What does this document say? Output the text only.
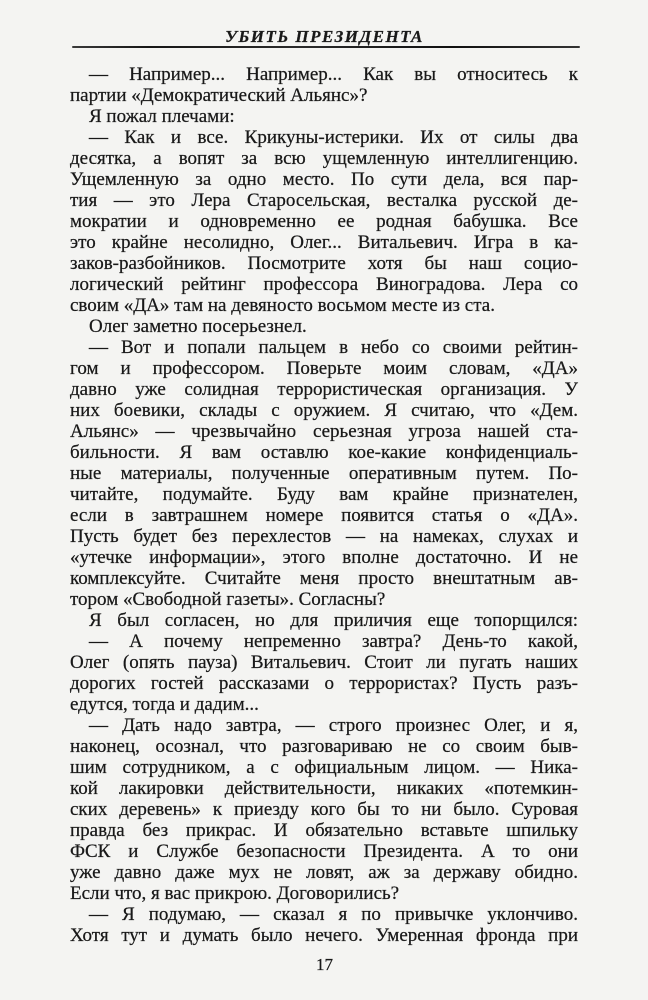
УБИТЬ ПРЕЗИДЕНТА
— Например... Например... Как вы относитесь к
партии «Демократический Альянс»?
Я пожал плечами:
— Как и все. Крикуны-истерики. Их от силы два
десятка, а вопят за всю ущемленную интеллигенцию.
Ущемленную за одно место. По сути дела, вся пар-
тия — это Лера Старосельская, весталка русской де-
мократии и одновременно ее родная бабушка. Все
это крайне несолидно, Олег... Витальевич. Игра в ка-
заков-разбойников. Посмотрите хотя бы наш социо-
логический рейтинг профессора Виноградова. Лера со
своим «ДА» там на девяносто восьмом месте из ста.
Олег заметно посерьезнел.
— Вот и попали пальцем в небо со своими рейтин-
гом и профессором. Поверьте моим словам, «ДА»
давно уже солидная террористическая организация. У
них боевики, склады с оружием. Я считаю, что «Дем.
Альянс» — чрезвычайно серьезная угроза нашей ста-
бильности. Я вам оставлю кое-какие конфиденциаль-
ные материалы, полученные оперативным путем. По-
читайте, подумайте. Буду вам крайне признателен,
если в завтрашнем номере появится статья о «ДА».
Пусть будет без перехлестов — на намеках, слухах и
«утечке информации», этого вполне достаточно. И не
комплексуйте. Считайте меня просто внештатным ав-
тором «Свободной газеты». Согласны?
Я был согласен, но для приличия еще топорщился:
— А почему непременно завтра? День-то какой,
Олег (опять пауза) Витальевич. Стоит ли пугать наших
дорогих гостей рассказами о террористах? Пусть разъ-
едутся, тогда и дадим...
— Дать надо завтра, — строго произнес Олег, и я,
наконец, осознал, что разговариваю не со своим быв-
шим сотрудником, а с официальным лицом. — Ника-
кой лакировки действительности, никаких «потемкин-
ских деревень» к приезду кого бы то ни было. Суровая
правда без прикрас. И обязательно вставьте шпильку
ФСК и Службе безопасности Президента. А то они
уже давно даже мух не ловят, аж за державу обидно.
Если что, я вас прикрою. Договорились?
— Я подумаю, — сказал я по привычке уклончиво.
Хотя тут и думать было нечего. Умеренная фронда при
17
